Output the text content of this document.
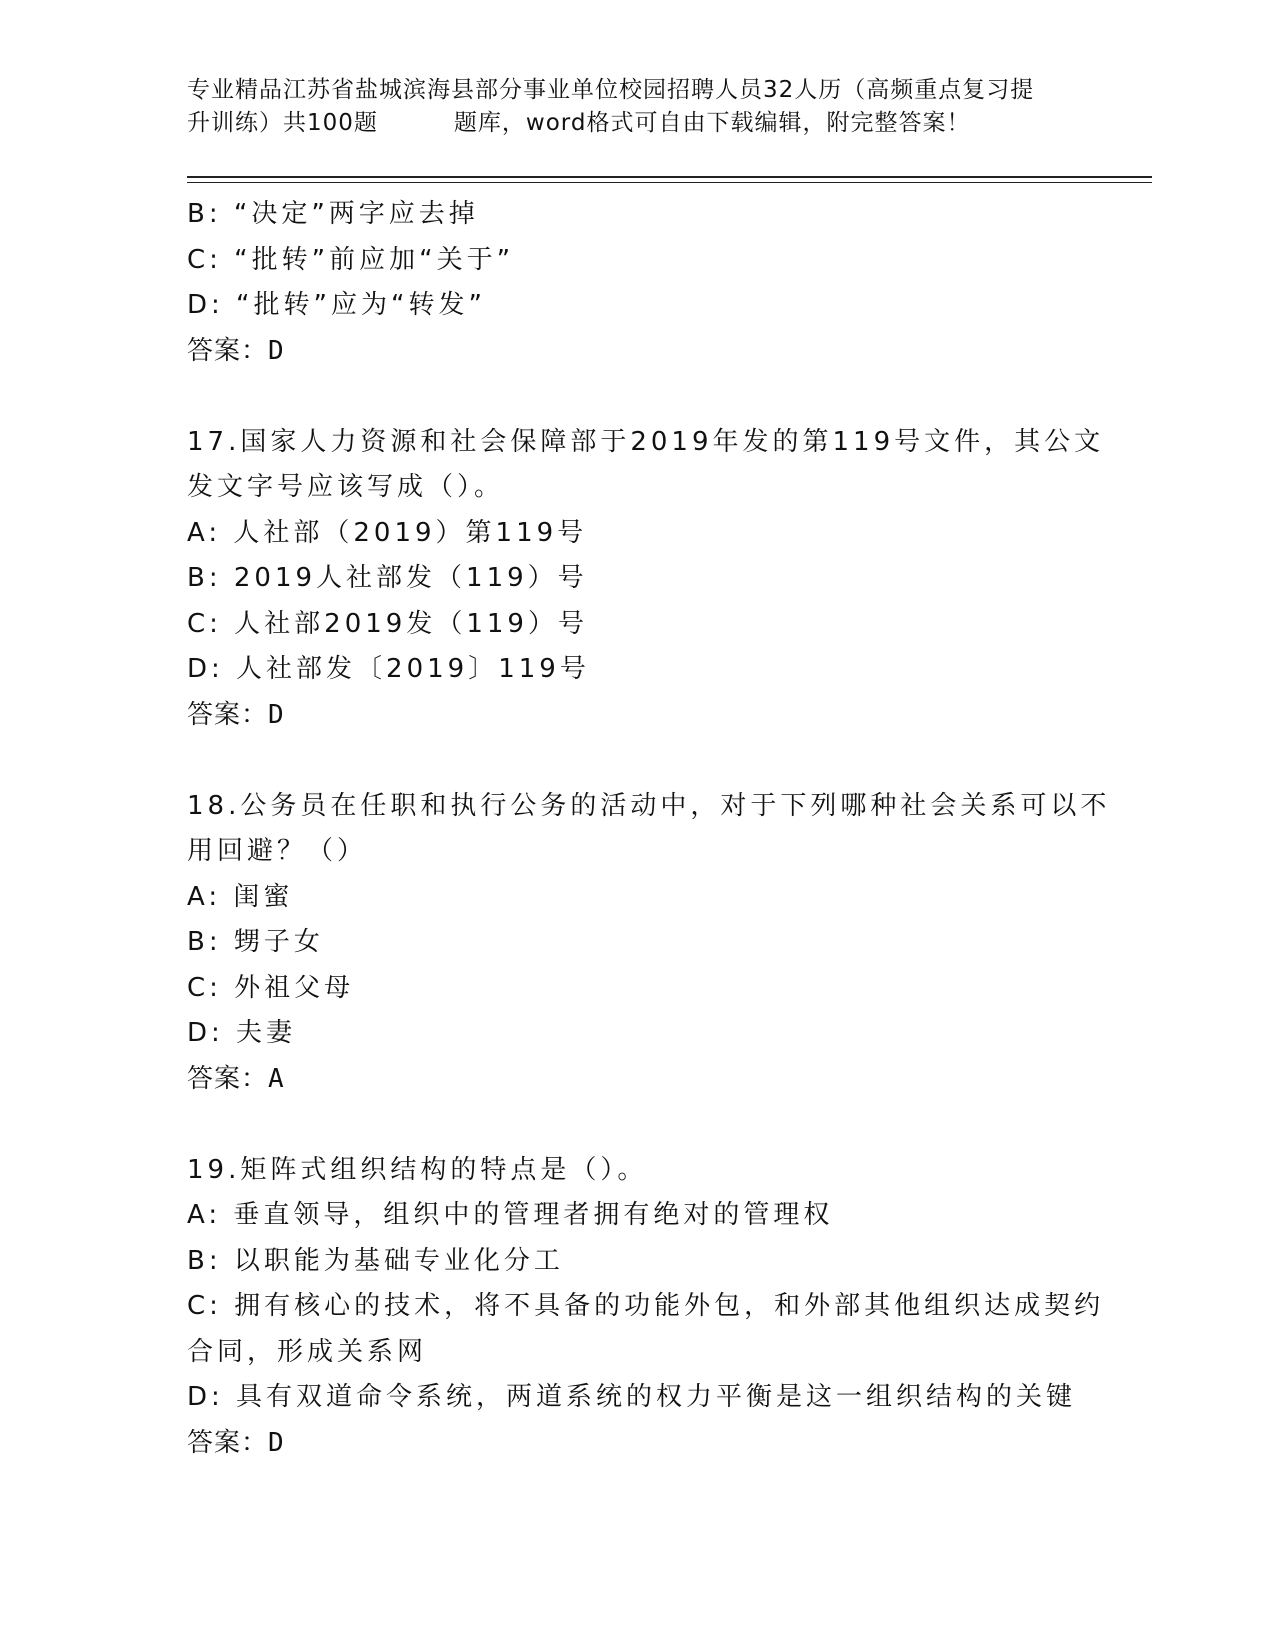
专业精品江苏省盐城滨海县部分事业单位校园招聘人员32人历（高频重点复习提
升训练）共100题	题库，word格式可自由下载编辑，附完整答案！
B: “决定”两字应去掉
C: “批转”前应加“关于”
D: “批转”应为“转发”
答案：D
17.国家人力资源和社会保障部于2019年发的第119号文件，其公文
发文字号应该写成（）。
A: 人社部（2019）第119号
B: 2019人社部发（119）号
C: 人社部2019发（119）号
D: 人社部发〔2019〕119号
答案：D
18.公务员在任职和执行公务的活动中，对于下列哪种社会关系可以不
用回避？（）
A: 闺蜜
B: 甥子女
C: 外祖父母
D: 夫妻
答案：A
19.矩阵式组织结构的特点是（）。
A: 垂直领导，组织中的管理者拥有绝对的管理权
B: 以职能为基础专业化分工
C: 拥有核心的技术，将不具备的功能外包，和外部其他组织达成契约
合同，形成关系网
D: 具有双道命令系统，两道系统的权力平衡是这一组织结构的关键
答案：D
